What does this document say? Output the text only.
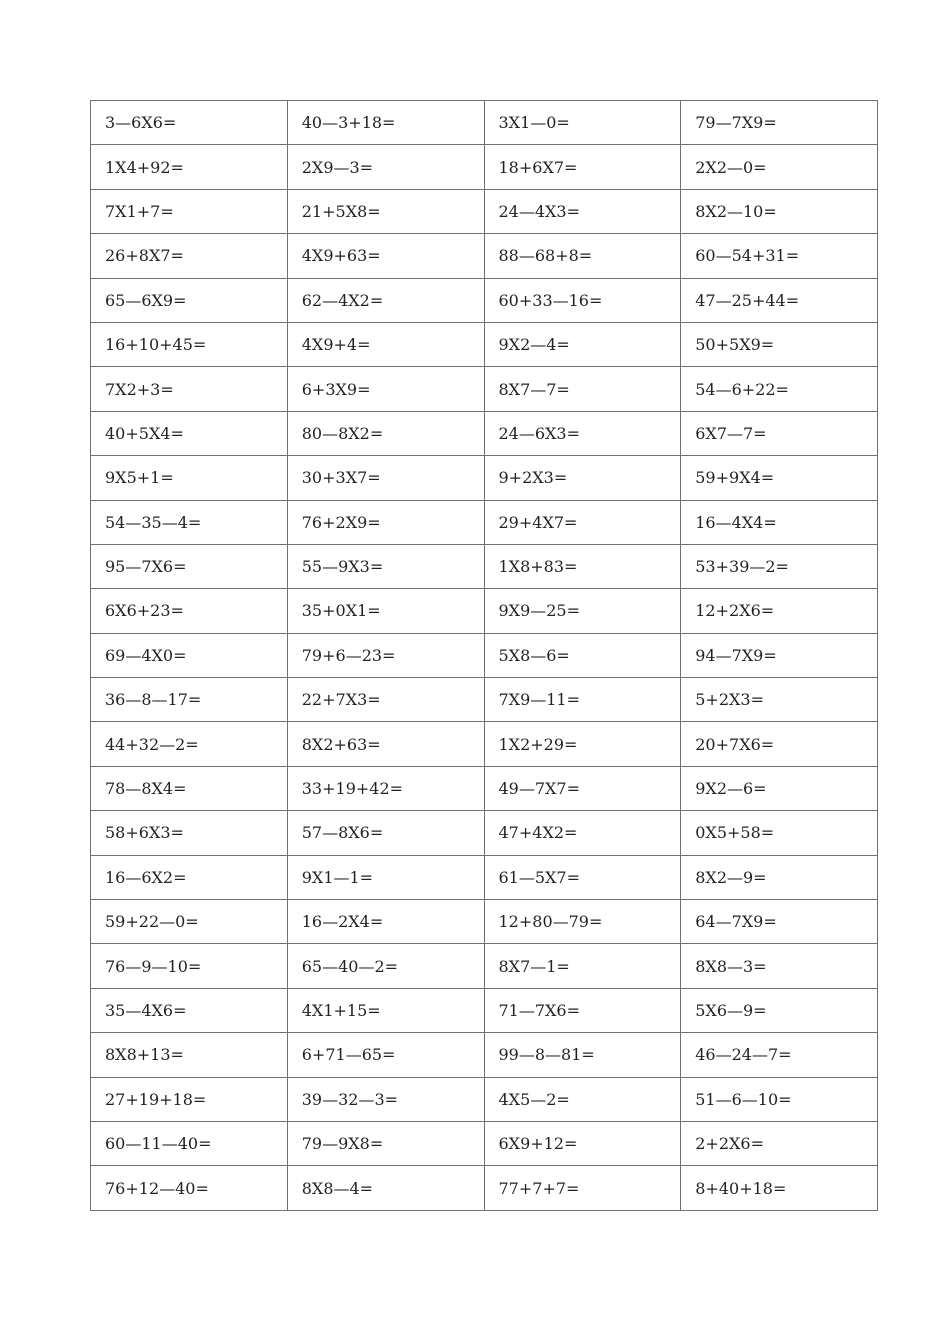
3—6X6=	40—3+18=	3X1—0=	79—7X9=
1X4+92=	2X9—3=	18+6X7=	2X2—0=
7X1+7=	21+5X8=	24—4X3=	8X2—10=
26+8X7=	4X9+63=	88—68+8=	60—54+31=
65—6X9=	62—4X2=	60+33—16=	47—25+44=
16+10+45=	4X9+4=	9X2—4=	50+5X9=
7X2+3=	6+3X9=	8X7—7=	54—6+22=
40+5X4=	80—8X2=	24—6X3=	6X7—7=
9X5+1=	30+3X7=	9+2X3=	59+9X4=
54—35—4=	76+2X9=	29+4X7=	16—4X4=
95—7X6=	55—9X3=	1X8+83=	53+39—2=
6X6+23=	35+0X1=	9X9—25=	12+2X6=
69—4X0=	79+6—23=	5X8—6=	94—7X9=
36—8—17=	22+7X3=	7X9—11=	5+2X3=
44+32—2=	8X2+63=	1X2+29=	20+7X6=
78—8X4=	33+19+42=	49—7X7=	9X2—6=
58+6X3=	57—8X6=	47+4X2=	0X5+58=
16—6X2=	9X1—1=	61—5X7=	8X2—9=
59+22—0=	16—2X4=	12+80—79=	64—7X9=
76—9—10=	65—40—2=	8X7—1=	8X8—3=
35—4X6=	4X1+15=	71—7X6=	5X6—9=
8X8+13=	6+71—65=	99—8—81=	46—24—7=
27+19+18=	39—32—3=	4X5—2=	51—6—10=
60—11—40=	79—9X8=	6X9+12=	2+2X6=
76+12—40=	8X8—4=	77+7+7=	8+40+18=
